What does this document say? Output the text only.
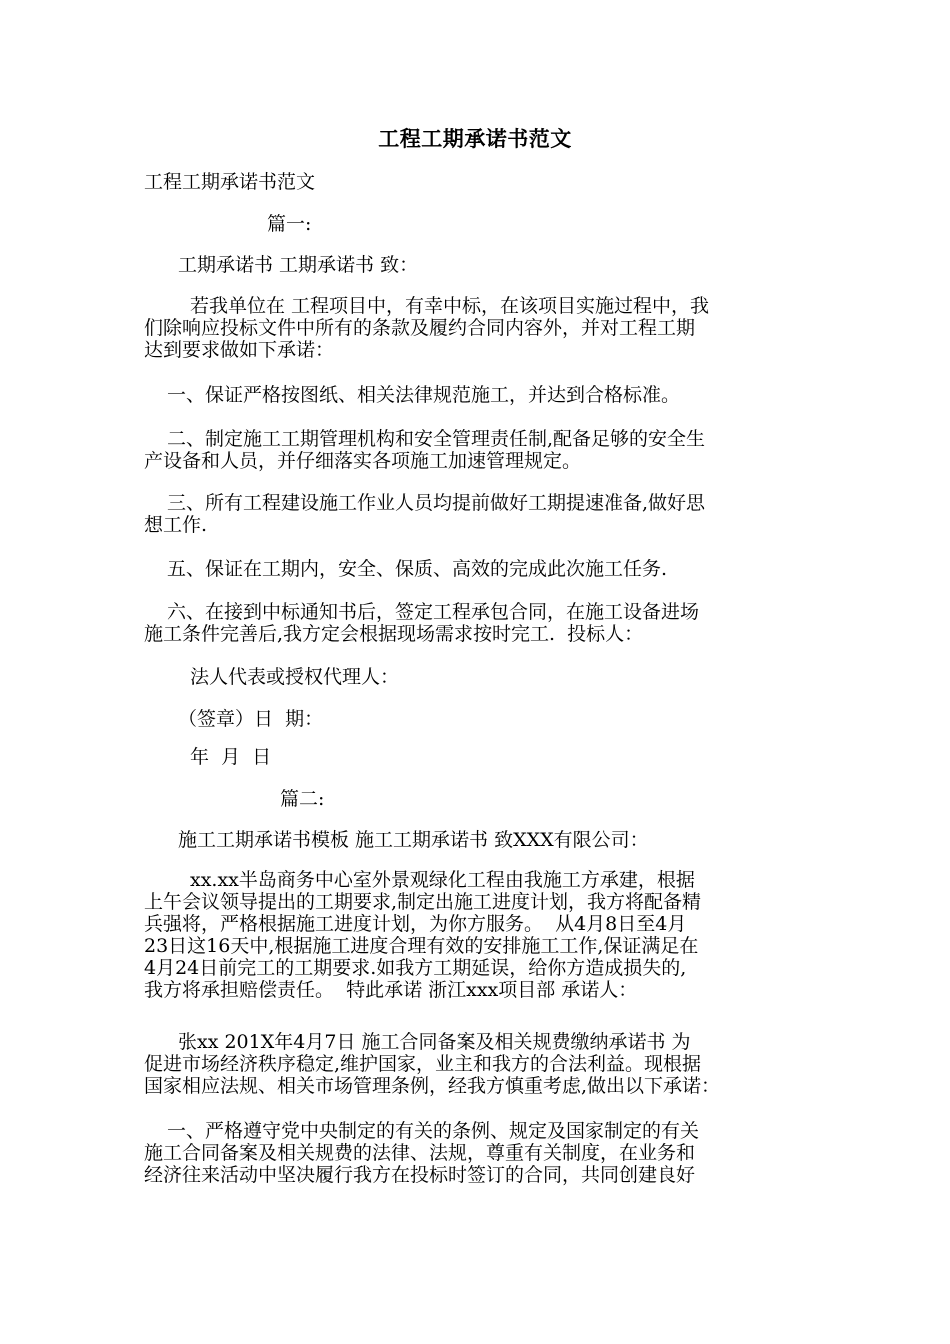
工程工期承诺书范文
工程工期承诺书范文
篇一:
工期承诺书 工期承诺书 致：
若我单位在 工程项目中，有幸中标，在该项目实施过程中，我
们除响应投标文件中所有的条款及履约合同内容外，并对工程工期
达到要求做如下承诺：
一、保证严格按图纸、相关法律规范施工，并达到合格标准。
二、制定施工工期管理机构和安全管理责任制,配备足够的安全生
产设备和人员，并仔细落实各项施工加速管理规定。
三、所有工程建设施工作业人员均提前做好工期提速准备,做好思
想工作.
五、保证在工期内，安全、保质、高效的完成此次施工任务.
六、在接到中标通知书后，签定工程承包合同，在施工设备进场
施工条件完善后,我方定会根据现场需求按时完工.  投标人：
法人代表或授权代理人：
（签章）日  期：
年  月  日
篇二:
施工工期承诺书模板 施工工期承诺书 致XXX有限公司：
xx.xx半岛商务中心室外景观绿化工程由我施工方承建，根据
上午会议领导提出的工期要求,制定出施工进度计划，我方将配备精
兵强将，严格根据施工进度计划，为你方服务。  从4月8日至4月
23日这16天中,根据施工进度合理有效的安排施工工作,保证满足在
4月24日前完工的工期要求.如我方工期延误，给你方造成损失的,
我方将承担赔偿责任。  特此承诺 浙江xxx项目部 承诺人：
张xx 201X年4月7日 施工合同备案及相关规费缴纳承诺书 为
促进市场经济秩序稳定,维护国家，业主和我方的合法利益。现根据
国家相应法规、相关市场管理条例，经我方慎重考虑,做出以下承诺：
一、严格遵守党中央制定的有关的条例、规定及国家制定的有关
施工合同备案及相关规费的法律、法规，尊重有关制度，在业务和
经济往来活动中坚决履行我方在投标时签订的合同，共同创建良好
